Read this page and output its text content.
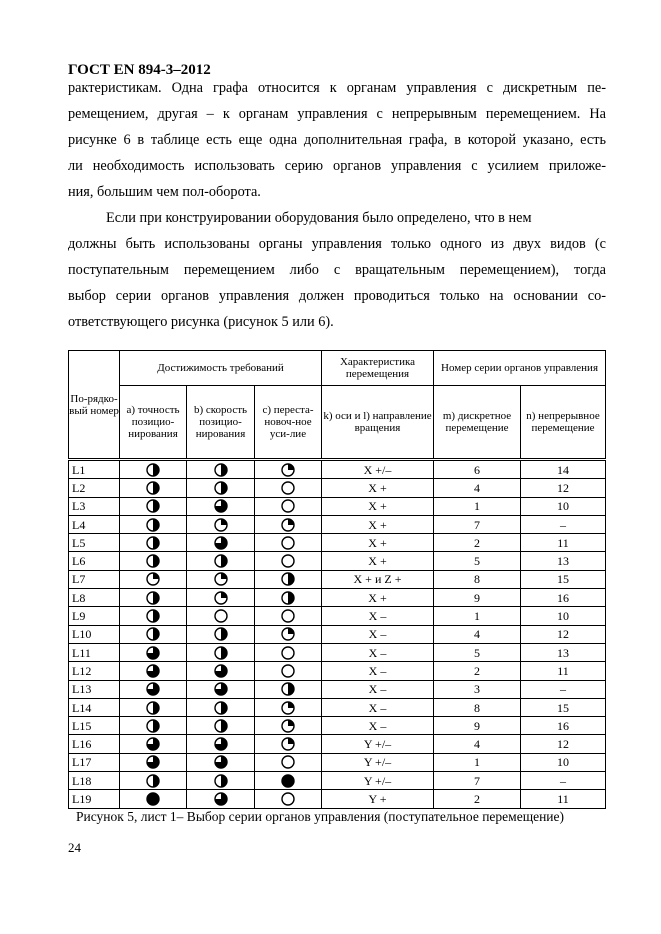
ГОСТ EN 894-3–2012
рактеристикам. Одна графа относится к органам управления с дискретным пе-
ремещением, другая – к органам управления с непрерывным перемещением. На
рисунке 6 в таблице есть еще одна дополнительная графа, в которой указано, есть
ли необходимость использовать серию органов управления с усилием приложе-
ния, большим чем пол-оборота.
Если при конструировании оборудования было определено, что в нем
должны быть использованы органы управления только одного из двух видов (с
поступательным перемещением либо с вращательным перемещением), тогда
выбор серии органов управления должен проводиться только на основании со-
ответствующего рисунка (рисунок 5 или 6).
По-рядко-вый номер	Достижимость требований			Характеристика перемещения	Номер серии органов управления	
	a) точность позицио-нирования	b) скорость позицио-нирования	c) переста-новоч-ное уси-лие	k) оси и l) направление вращения	m) дискретное перемещение	n) непрерывное перемещение
L1				X +/–	6	14
L2				X +	4	12
L3				X +	1	10
L4				X +	7	–
L5				X +	2	11
L6				X +	5	13
L7				X + и Z +	8	15
L8				X +	9	16
L9				X –	1	10
L10				X –	4	12
L11				X –	5	13
L12				X –	2	11
L13				X –	3	–
L14				X –	8	15
L15				X –	9	16
L16				Y +/–	4	12
L17				Y +/–	1	10
L18				Y +/–	7	–
L19				Y +	2	11
Рисунок 5, лист 1– Выбор серии органов управления (поступательное перемещение)
24
